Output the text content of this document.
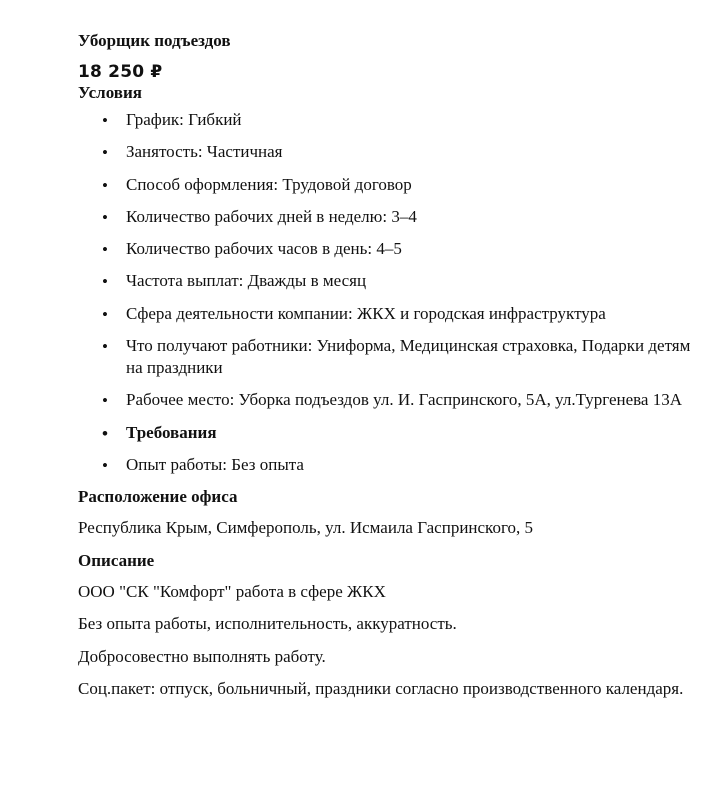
Уборщик подъездов
18 250 ₽
Условия
• График: Гибкий
• Занятость: Частичная
• Способ оформления: Трудовой договор
• Количество рабочих дней в неделю: 3–4
• Количество рабочих часов в день: 4–5
• Частота выплат: Дважды в месяц
• Сфера деятельности компании: ЖКХ и городская инфраструктура
• Что получают работники: Униформа, Медицинская страховка, Подарки детям на праздники
• Рабочее место: Уборка подъездов ул. И. Гаспринского, 5А, ул.Тургенева 13А
• Требования
• Опыт работы: Без опыта
Расположение офиса
Республика Крым, Симферополь, ул. Исмаила Гаспринского, 5
Описание
ООО "СК "Комфорт" работа в сфере ЖКХ
Без опыта работы, исполнительность, аккуратность.
Добросовестно выполнять работу.
Соц.пакет: отпуск, больничный, праздники согласно производственного календаря.
